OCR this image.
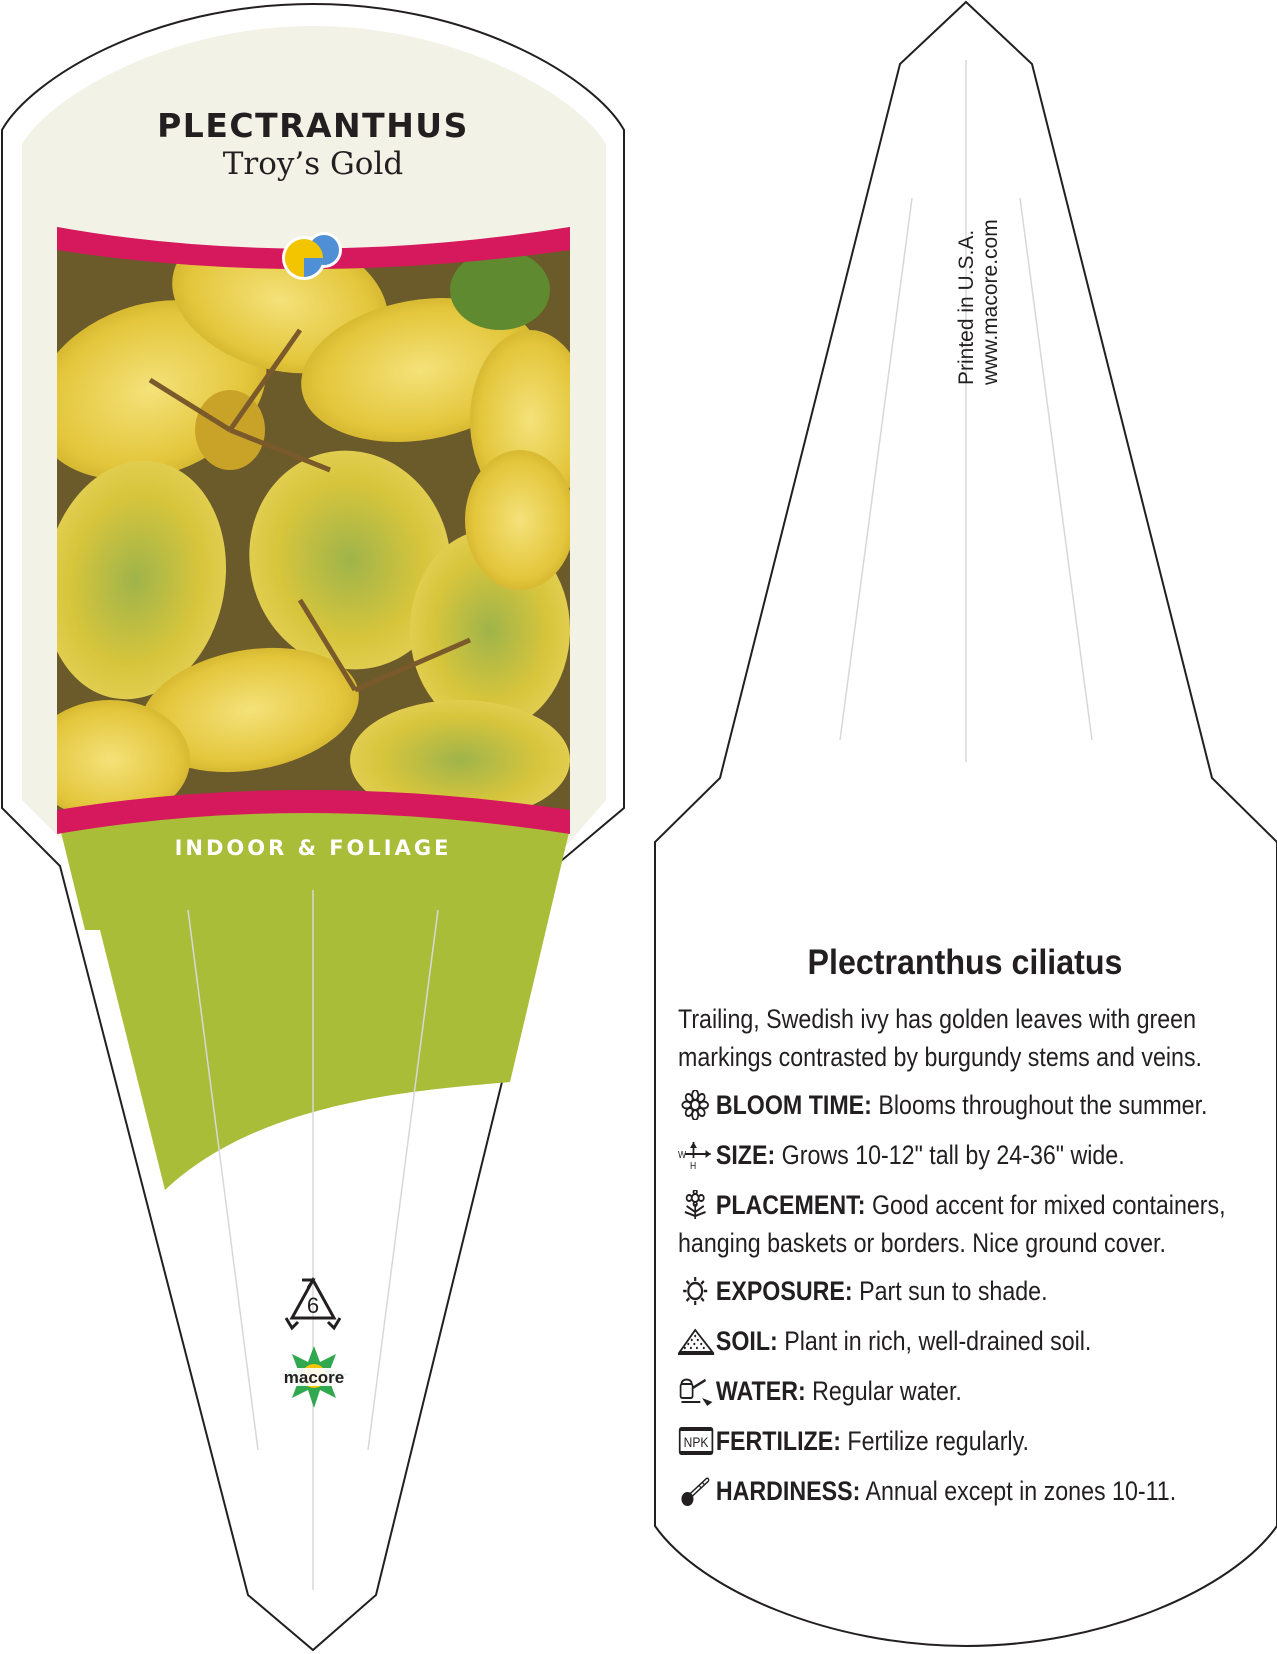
PLECTRANTHUS
Troy’s Gold
INDOOR & FOLIAGE
6
macore
Printed in U.S.A. www.macore.com
Plectranthus ciliatus
Trailing, Swedish ivy has golden leaves with green
markings contrasted by burgundy stems and veins.
BLOOM TIME: Blooms throughout the summer.
W
H SIZE: Grows 10-12" tall by 24-36" wide.
PLACEMENT: Good accent for mixed containers,
hanging baskets or borders. Nice ground cover.
EXPOSURE: Part sun to shade.
SOIL: Plant in rich, well-drained soil.
WATER: Regular water.
NPK FERTILIZE: Fertilize regularly.
HARDINESS: Annual except in zones 10-11.
